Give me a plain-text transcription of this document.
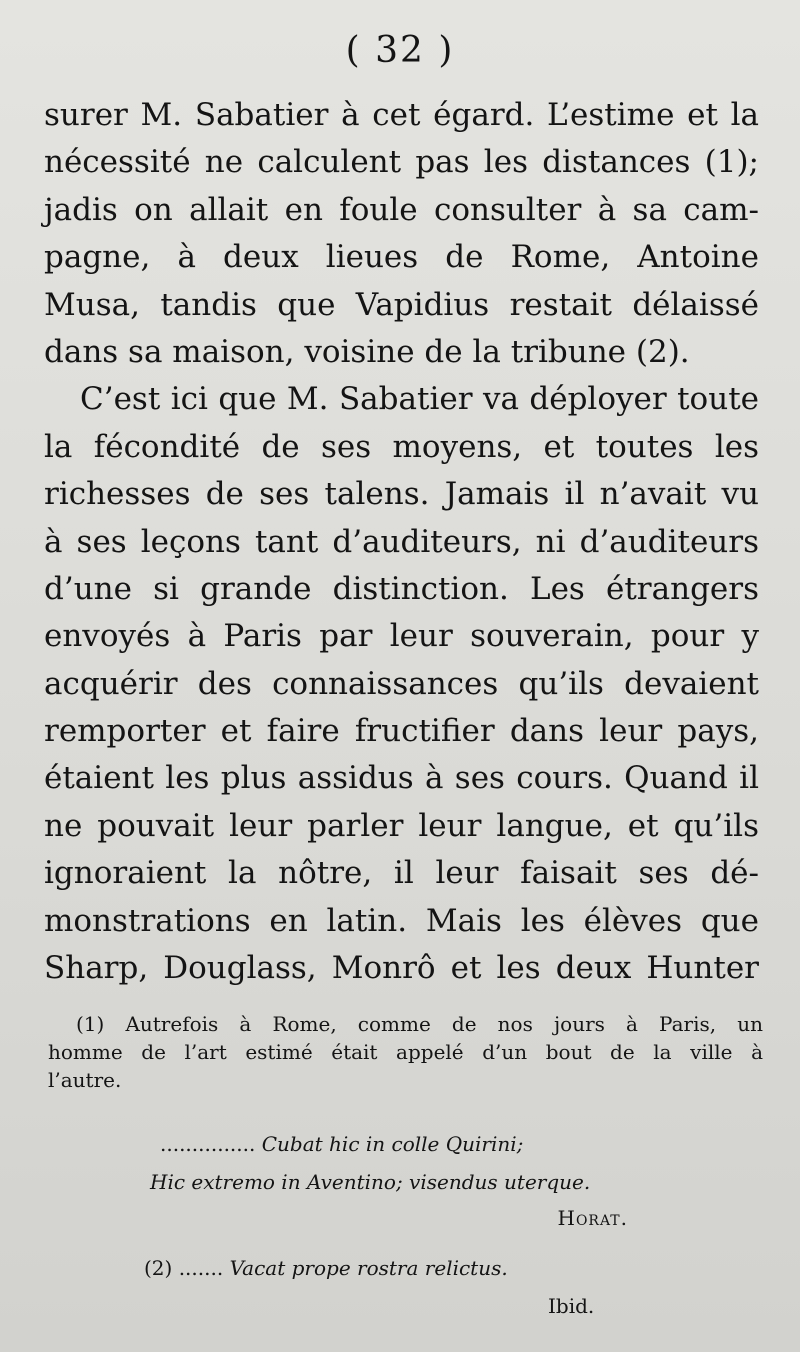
( 32 )
surer M. Sabatier à cet égard. L’estime et la
nécessité ne calculent pas les distances (1);
jadis on allait en foule consulter à sa cam-
pagne, à deux lieues de Rome, Antoine
Musa, tandis que Vapidius restait délaissé
dans sa maison, voisine de la tribune (2).
C’est ici que M. Sabatier va déployer toute
la fécondité de ses moyens, et toutes les
richesses de ses talens. Jamais il n’avait vu
à ses leçons tant d’auditeurs, ni d’auditeurs
d’une si grande distinction. Les étrangers
envoyés à Paris par leur souverain, pour y
acquérir des connaissances qu’ils devaient
remporter et faire fructifier dans leur pays,
étaient les plus assidus à ses cours. Quand il
ne pouvait leur parler leur langue, et qu’ils
ignoraient la nôtre, il leur faisait ses dé-
monstrations en latin. Mais les élèves que
Sharp, Douglass, Monrô et les deux Hunter
(1) Autrefois à Rome, comme de nos jours à Paris, un
homme de l’art estimé était appelé d’un bout de la ville à
l’autre.
............... Cubat hic in colle Quirini;
Hic extremo in Aventino; visendus uterque.
Horat.
(2) ....... Vacat prope rostra relictus.
Ibid.
